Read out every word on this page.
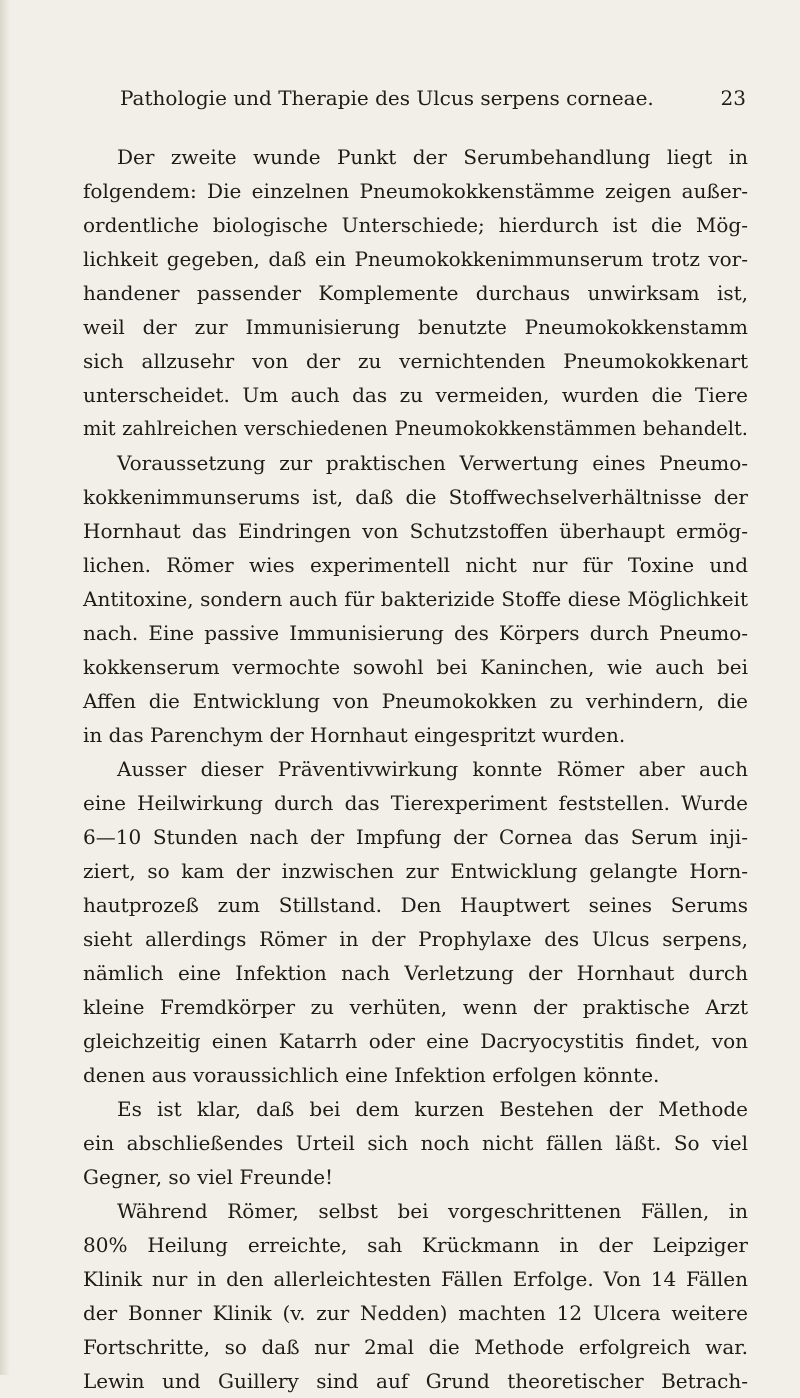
Pathologie und Therapie des Ulcus serpens corneae.	23
Der zweite wunde Punkt der Serumbehandlung liegt in
folgendem: Die einzelnen Pneumokokkenstämme zeigen außer-
ordentliche biologische Unterschiede; hierdurch ist die Mög-
lichkeit gegeben, daß ein Pneumokokkenimmunserum trotz vor-
handener passender Komplemente durchaus unwirksam ist,
weil der zur Immunisierung benutzte Pneumokokkenstamm
sich allzusehr von der zu vernichtenden Pneumokokkenart
unterscheidet. Um auch das zu vermeiden, wurden die Tiere
mit zahlreichen verschiedenen Pneumokokkenstämmen behandelt.
Voraussetzung zur praktischen Verwertung eines Pneumo-
kokkenimmunserums ist, daß die Stoffwechselverhältnisse der
Hornhaut das Eindringen von Schutzstoffen überhaupt ermög-
lichen. Römer wies experimentell nicht nur für Toxine und
Antitoxine, sondern auch für bakterizide Stoffe diese Möglichkeit
nach. Eine passive Immunisierung des Körpers durch Pneumo-
kokkenserum vermochte sowohl bei Kaninchen, wie auch bei
Affen die Entwicklung von Pneumokokken zu verhindern, die
in das Parenchym der Hornhaut eingespritzt wurden.
Ausser dieser Präventivwirkung konnte Römer aber auch
eine Heilwirkung durch das Tierexperiment feststellen. Wurde
6—10 Stunden nach der Impfung der Cornea das Serum inji-
ziert, so kam der inzwischen zur Entwicklung gelangte Horn-
hautprozeß zum Stillstand. Den Hauptwert seines Serums
sieht allerdings Römer in der Prophylaxe des Ulcus serpens,
nämlich eine Infektion nach Verletzung der Hornhaut durch
kleine Fremdkörper zu verhüten, wenn der praktische Arzt
gleichzeitig einen Katarrh oder eine Dacryocystitis findet, von
denen aus voraussichlich eine Infektion erfolgen könnte.
Es ist klar, daß bei dem kurzen Bestehen der Methode
ein abschließendes Urteil sich noch nicht fällen läßt. So viel
Gegner, so viel Freunde!
Während Römer, selbst bei vorgeschrittenen Fällen, in
80% Heilung erreichte, sah Krückmann in der Leipziger
Klinik nur in den allerleichtesten Fällen Erfolge. Von 14 Fällen
der Bonner Klinik (v. zur Nedden) machten 12 Ulcera weitere
Fortschritte, so daß nur 2mal die Methode erfolgreich war.
Lewin und Guillery sind auf Grund theoretischer Betrach-
